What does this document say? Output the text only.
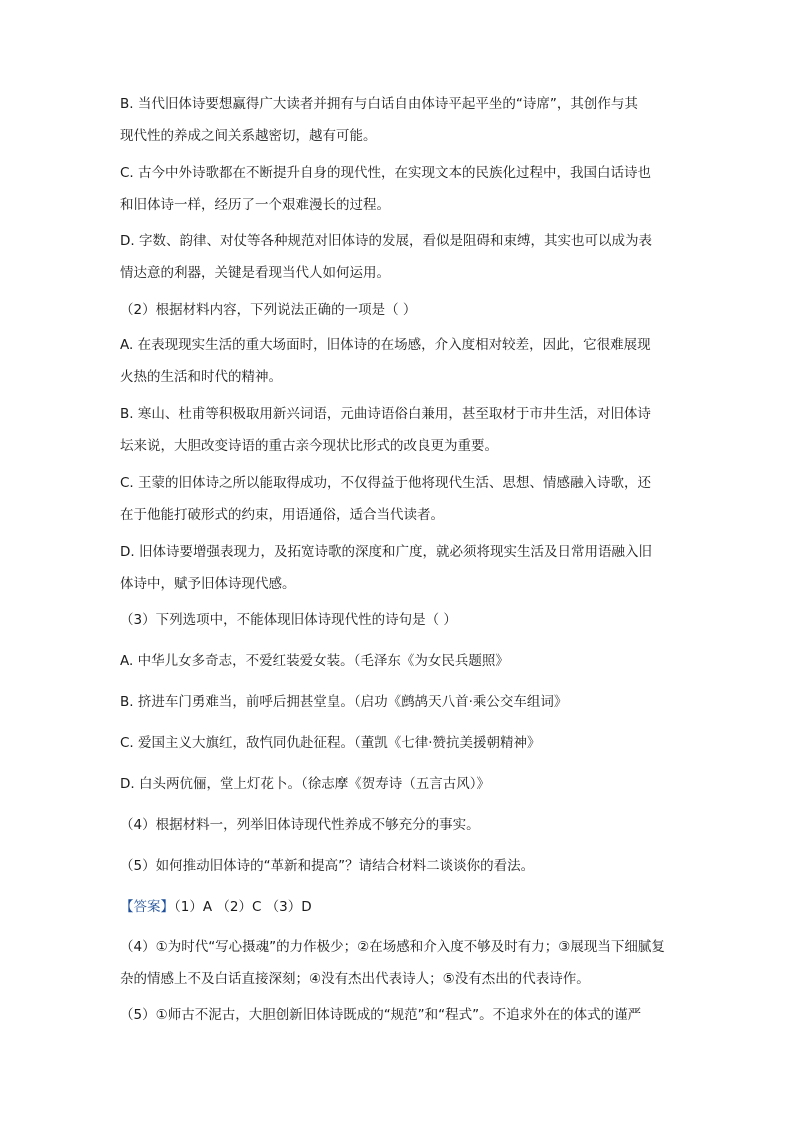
B. 当代旧体诗要想赢得广大读者并拥有与白话自由体诗平起平坐的“诗席”，其创作与其
现代性的养成之间关系越密切，越有可能。

C. 古今中外诗歌都在不断提升自身的现代性，在实现文本的民族化过程中，我国白话诗也
和旧体诗一样，经历了一个艰难漫长的过程。

D. 字数、韵律、对仗等各种规范对旧体诗的发展，看似是阻碍和束缚，其实也可以成为表
情达意的利器，关键是看现当代人如何运用。

（2）根据材料内容，下列说法正确的一项是（ ）

A. 在表现现实生活的重大场面时，旧体诗的在场感，介入度相对较差，因此，它很难展现
火热的生活和时代的精神。

B. 寒山、杜甫等积极取用新兴词语，元曲诗语俗白兼用，甚至取材于市井生活，对旧体诗
坛来说，大胆改变诗语的重古亲今现状比形式的改良更为重要。

C. 王蒙的旧体诗之所以能取得成功，不仅得益于他将现代生活、思想、情感融入诗歌，还
在于他能打破形式的约束，用语通俗，适合当代读者。

D. 旧体诗要增强表现力，及拓宽诗歌的深度和广度，就必须将现实生活及日常用语融入旧
体诗中，赋予旧体诗现代感。

（3）下列选项中，不能体现旧体诗现代性的诗句是（ ）

A. 中华儿女多奇志，不爱红装爱女装。（毛泽东《为女民兵题照》

B. 挤进车门勇难当，前呼后拥甚堂皇。（启功《鹧鸪天八首·乘公交车组词》

C. 爱国主义大旗红，敌忾同仇赴征程。（董凯《七律·赞抗美援朝精神》

D. 白头两伉俪，堂上灯花卜。（徐志摩《贺寿诗（五言古风）》

（4）根据材料一，列举旧体诗现代性养成不够充分的事实。

（5）如何推动旧体诗的“革新和提高”？请结合材料二谈谈你的看法。

【答案】（1）A （2）C （3）D

（4）①为时代“写心摄魂”的力作极少；②在场感和介入度不够及时有力；③展现当下细腻复
杂的情感上不及白话直接深刻；④没有杰出代表诗人；⑤没有杰出的代表诗作。

（5）①师古不泥古，大胆创新旧体诗既成的“规范”和“程式”。不追求外在的体式的谨严
